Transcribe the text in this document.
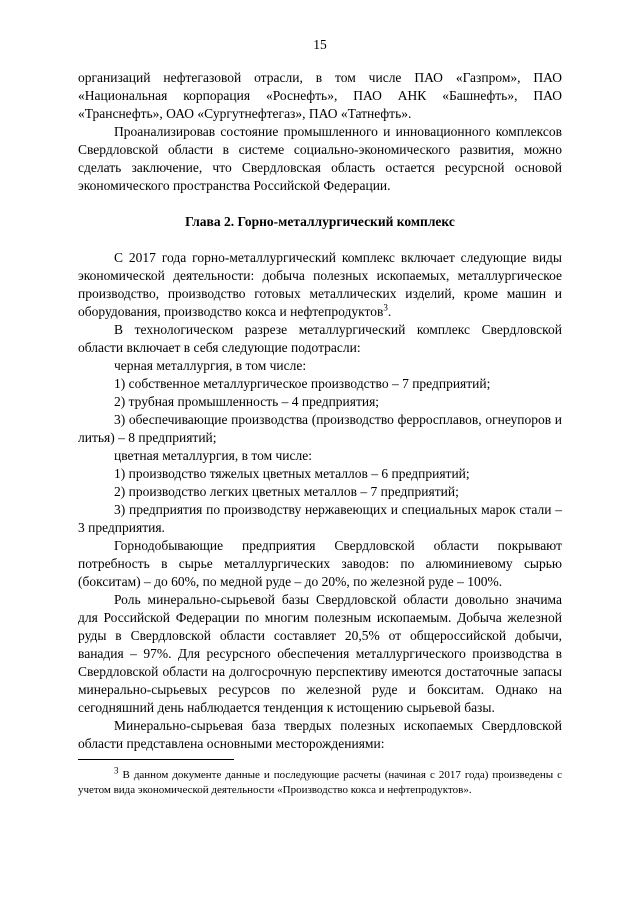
15

организаций нефтегазовой отрасли, в том числе ПАО «Газпром», ПАО «Национальная корпорация «Роснефть», ПАО АНК «Башнефть», ПАО «Транснефть», ОАО «Сургутнефтегаз», ПАО «Татнефть».

Проанализировав состояние промышленного и инновационного комплексов Свердловской области в системе социально-экономического развития, можно сделать заключение, что Свердловская область остается ресурсной основой экономического пространства Российской Федерации.

Глава 2. Горно-металлургический комплекс

С 2017 года горно-металлургический комплекс включает следующие виды экономической деятельности: добыча полезных ископаемых, металлургическое производство, производство готовых металлических изделий, кроме машин и оборудования, производство кокса и нефтепродуктов$^3$.

В технологическом разрезе металлургический комплекс Свердловской области включает в себя следующие подотрасли:

черная металлургия, в том числе:

1) собственное металлургическое производство – 7 предприятий;

2) трубная промышленность – 4 предприятия;

3) обеспечивающие производства (производство ферросплавов, огнеупоров и литья) – 8 предприятий;

цветная металлургия, в том числе:

1) производство тяжелых цветных металлов – 6 предприятий;

2) производство легких цветных металлов – 7 предприятий;

3) предприятия по производству нержавеющих и специальных марок стали – 3 предприятия.

Горнодобывающие предприятия Свердловской области покрывают потребность в сырье металлургических заводов: по алюминиевому сырью (бокситам) – до 60%, по медной руде – до 20%, по железной руде – 100%.

Роль минерально-сырьевой базы Свердловской области довольно значима для Российской Федерации по многим полезным ископаемым. Добыча железной руды в Свердловской области составляет 20,5% от общероссийской добычи, ванадия – 97%. Для ресурсного обеспечения металлургического производства в Свердловской области на долгосрочную перспективу имеются достаточные запасы минерально-сырьевых ресурсов по железной руде и бокситам. Однако на сегодняшний день наблюдается тенденция к истощению сырьевой базы.

Минерально-сырьевая база твердых полезных ископаемых Свердловской области представлена основными месторождениями:

$^3$ В данном документе данные и последующие расчеты (начиная с 2017 года) произведены с учетом вида экономической деятельности «Производство кокса и нефтепродуктов».
